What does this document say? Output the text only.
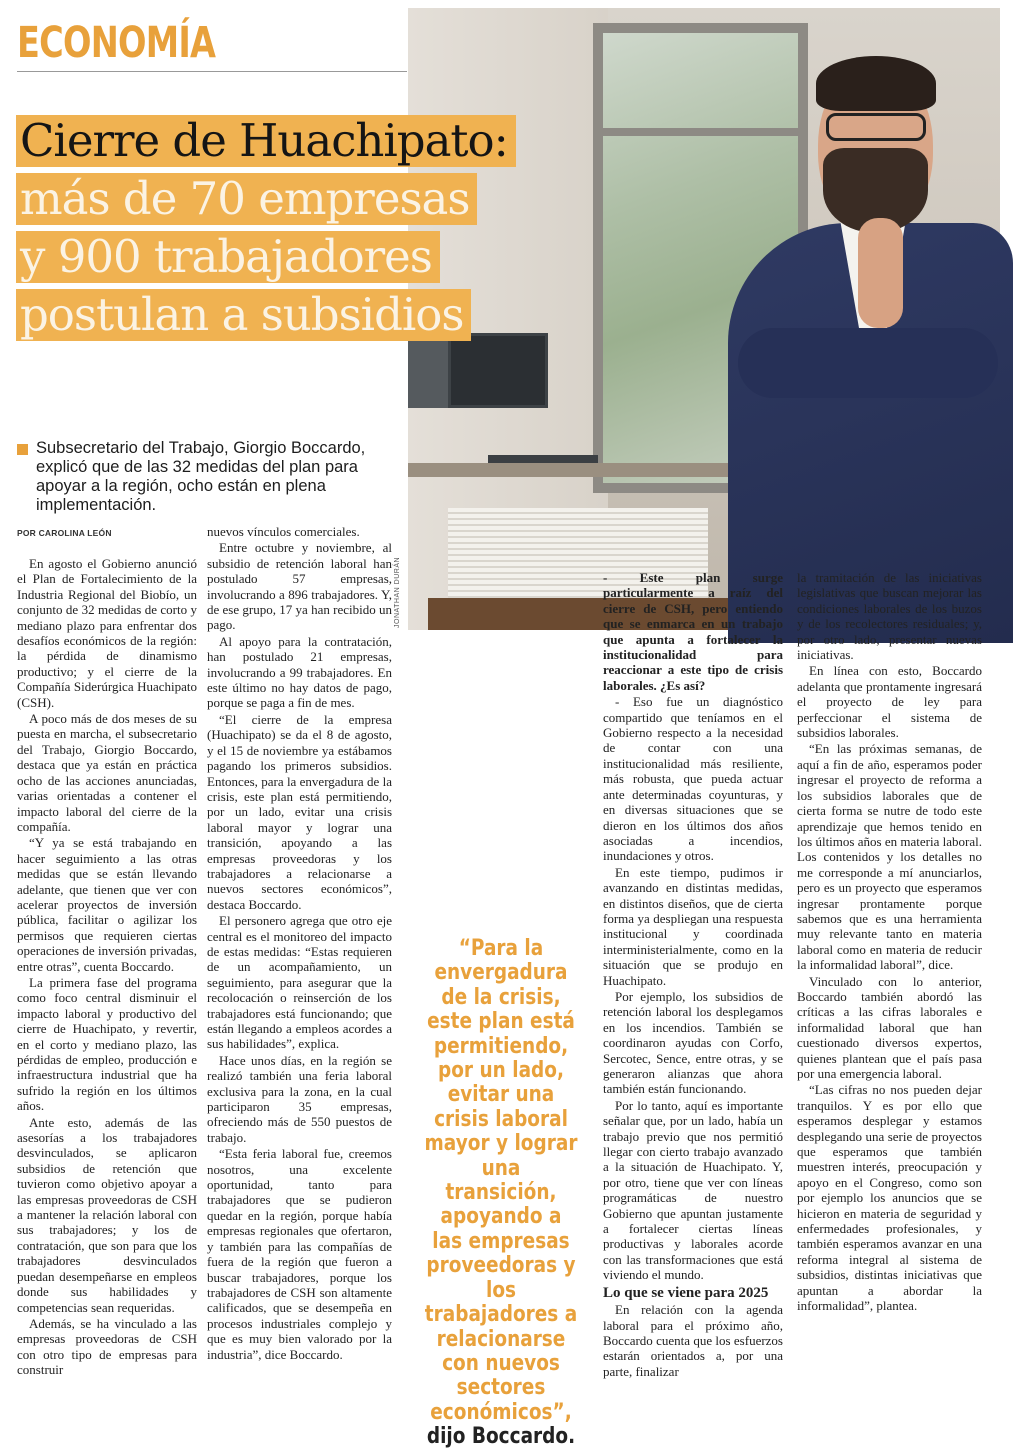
JONATHAN DURÁN
ECONOMÍA
Cierre de Huachipato:
más de 70 empresas
y 900 trabajadores
postulan a subsidios

Subsecretario del Trabajo, Giorgio Boccardo, explicó que de las 32 medidas del plan para apoyar a la región, ocho están en plena implementación.

POR CAROLINA LEÓN

En agosto el Gobierno anunció el Plan de Fortalecimiento de la Industria Regional del Biobío, un conjunto de 32 medidas de corto y mediano plazo para enfrentar dos desafíos económicos de la región: la pérdida de dinamismo productivo; y el cierre de la Compañía Siderúrgica Huachipato (CSH).

A poco más de dos meses de su puesta en marcha, el subsecretario del Trabajo, Giorgio Boccardo, destaca que ya están en práctica ocho de las acciones anunciadas, varias orientadas a contener el impacto laboral del cierre de la compañía.

“Y ya se está trabajando en hacer seguimiento a las otras medidas que se están llevando adelante, que tienen que ver con acelerar proyectos de inversión pública, facilitar o agilizar los permisos que requieren ciertas operaciones de inversión privadas, entre otras”, cuenta Boccardo.

La primera fase del programa como foco central disminuir el impacto laboral y productivo del cierre de Huachipato, y revertir, en el corto y mediano plazo, las pérdidas de empleo, producción e infraestructura industrial que ha sufrido la región en los últimos años.

Ante esto, además de las asesorías a los trabajadores desvinculados, se aplicaron subsidios de retención que tuvieron como objetivo apoyar a las empresas proveedoras de CSH a mantener la relación laboral con sus trabajadores; y los de contratación, que son para que los trabajadores desvinculados puedan desempeñarse en empleos donde sus habilidades y competencias sean requeridas.

Además, se ha vinculado a las empresas proveedoras de CSH con otro tipo de empresas para construir

nuevos vínculos comerciales.

Entre octubre y noviembre, al subsidio de retención laboral han postulado 57 empresas, involucrando a 896 trabajadores. Y, de ese grupo, 17 ya han recibido un pago.

Al apoyo para la contratación, han postulado 21 empresas, involucrando a 99 trabajadores. En este último no hay datos de pago, porque se paga a fin de mes.

“El cierre de la empresa (Huachipato) se da el 8 de agosto, y el 15 de noviembre ya estábamos pagando los primeros subsidios. Entonces, para la envergadura de la crisis, este plan está permitiendo, por un lado, evitar una crisis laboral mayor y lograr una transición, apoyando a las empresas proveedoras y los trabajadores a relacionarse a nuevos sectores económicos”, destaca Boccardo.

El personero agrega que otro eje central es el monitoreo del impacto de estas medidas: “Estas requieren de un acompañamiento, un seguimiento, para asegurar que la recolocación o reinserción de los trabajadores está funcionando; que están llegando a empleos acordes a sus habilidades”, explica.

Hace unos días, en la región se realizó también una feria laboral exclusiva para la zona, en la cual participaron 35 empresas, ofreciendo más de 550 puestos de trabajo.

“Esta feria laboral fue, creemos nosotros, una excelente oportunidad, tanto para trabajadores que se pudieron quedar en la región, porque había empresas regionales que ofertaron, y también para las compañías de fuera de la región que fueron a buscar trabajadores, porque los trabajadores de CSH son altamente calificados, que se desempeña en procesos industriales complejo y que es muy bien valorado por la industria”, dice Boccardo.

“Para la envergadura de la crisis, este plan está permitiendo, por un lado, evitar una crisis laboral mayor y lograr una transición, apoyando a las empresas proveedoras y los trabajadores a relacionarse con nuevos sectores económicos”, dijo Boccardo.

- Este plan surge particularmente a raíz del cierre de CSH, pero entiendo que se enmarca en un trabajo que apunta a fortalecer la institucionalidad para reaccionar a este tipo de crisis laborales. ¿Es así?

- Eso fue un diagnóstico compartido que teníamos en el Gobierno respecto a la necesidad de contar con una institucionalidad más resiliente, más robusta, que pueda actuar ante determinadas coyunturas, y en diversas situaciones que se dieron en los últimos dos años asociadas a incendios, inundaciones y otros.

En este tiempo, pudimos ir avanzando en distintas medidas, en distintos diseños, que de cierta forma ya despliegan una respuesta institucional y coordinada interministerialmente, como en la situación que se produjo en Huachipato.

Por ejemplo, los subsidios de retención laboral los desplegamos en los incendios. También se coordinaron ayudas con Corfo, Sercotec, Sence, entre otras, y se generaron alianzas que ahora también están funcionando.

Por lo tanto, aquí es importante señalar que, por un lado, había un trabajo previo que nos permitió llegar con cierto trabajo avanzado a la situación de Huachipato. Y, por otro, tiene que ver con líneas programáticas de nuestro Gobierno que apuntan justamente a fortalecer ciertas líneas productivas y laborales acorde con las transformaciones que está viviendo el mundo.

Lo que se viene para 2025

En relación con la agenda laboral para el próximo año, Boccardo cuenta que los esfuerzos estarán orientados a, por una parte, finalizar

la tramitación de las iniciativas legislativas que buscan mejorar las condiciones laborales de los buzos y de los recolectores residuales; y, por otro lado, presentar nuevas iniciativas.

En línea con esto, Boccardo adelanta que prontamente ingresará el proyecto de ley para perfeccionar el sistema de subsidios laborales.

“En las próximas semanas, de aquí a fin de año, esperamos poder ingresar el proyecto de reforma a los subsidios laborales que de cierta forma se nutre de todo este aprendizaje que hemos tenido en los últimos años en materia laboral. Los contenidos y los detalles no me corresponde a mí anunciarlos, pero es un proyecto que esperamos ingresar prontamente porque sabemos que es una herramienta muy relevante tanto en materia laboral como en materia de reducir la informalidad laboral”, dice.

Vinculado con lo anterior, Boccardo también abordó las críticas a las cifras laborales e informalidad laboral que han cuestionado diversos expertos, quienes plantean que el país pasa por una emergencia laboral.

“Las cifras no nos pueden dejar tranquilos. Y es por ello que esperamos desplegar y estamos desplegando una serie de proyectos que esperamos que también muestren interés, preocupación y apoyo en el Congreso, como son por ejemplo los anuncios que se hicieron en materia de seguridad y enfermedades profesionales, y también esperamos avanzar en una reforma integral al sistema de subsidios, distintas iniciativas que apuntan a abordar la informalidad”, plantea.
